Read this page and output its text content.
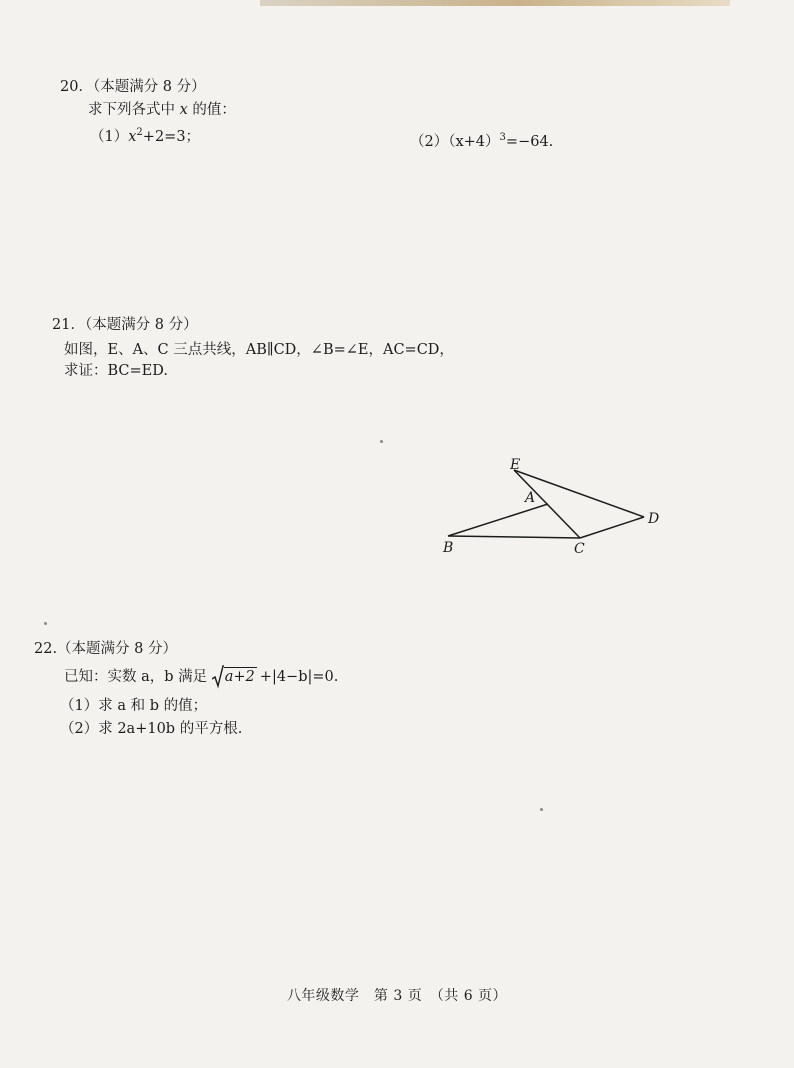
20．（本题满分 8 分）
求下列各式中 x 的值：
$(1)x^2+2=3$；	$(2)(x+4)^3=-64$.
21．（本题满分 8 分）
如图，E、A、C 三点共线，AB∥CD，∠B=∠E，AC=CD，
求证：BC=ED.
E
A
D
B	C
22.（本题满分 8 分）
已知：实数 a，b 满足 a+2 +|4−b|=0.
（1）求 a 和 b 的值；
（2）求 2a+10b 的平方根.
八年级数学　第 3 页　（共 6 页）
